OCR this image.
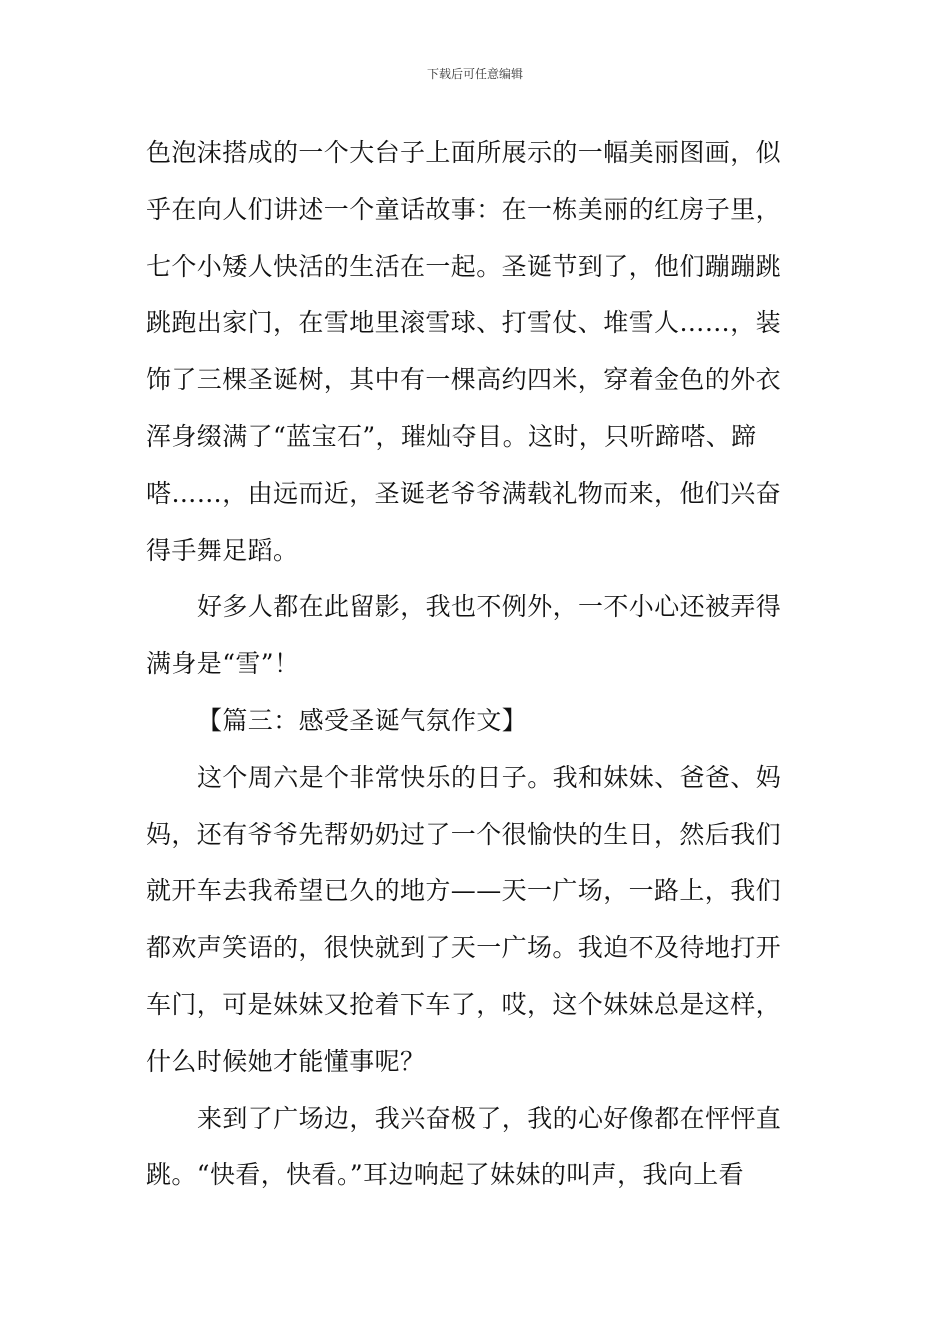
下载后可任意编辑
色泡沫搭成的一个大台子上面所展示的一幅美丽图画，似
乎在向人们讲述一个童话故事：在一栋美丽的红房子里，
七个小矮人快活的生活在一起。圣诞节到了，他们蹦蹦跳
跳跑出家门，在雪地里滚雪球、打雪仗、堆雪人……，装
饰了三棵圣诞树，其中有一棵高约四米，穿着金色的外衣
浑身缀满了“蓝宝石”，璀灿夺目。这时，只听蹄嗒、蹄
嗒……，由远而近，圣诞老爷爷满载礼物而来，他们兴奋
得手舞足蹈。
好多人都在此留影，我也不例外，一不小心还被弄得
满身是“雪”！
【篇三：感受圣诞气氛作文】
这个周六是个非常快乐的日子。我和妹妹、爸爸、妈
妈，还有爷爷先帮奶奶过了一个很愉快的生日，然后我们
就开车去我希望已久的地方——天一广场，一路上，我们
都欢声笑语的，很快就到了天一广场。我迫不及待地打开
车门，可是妹妹又抢着下车了，哎，这个妹妹总是这样，
什么时候她才能懂事呢？
来到了广场边，我兴奋极了，我的心好像都在怦怦直
跳。“快看，快看。”耳边响起了妹妹的叫声，我向上看
